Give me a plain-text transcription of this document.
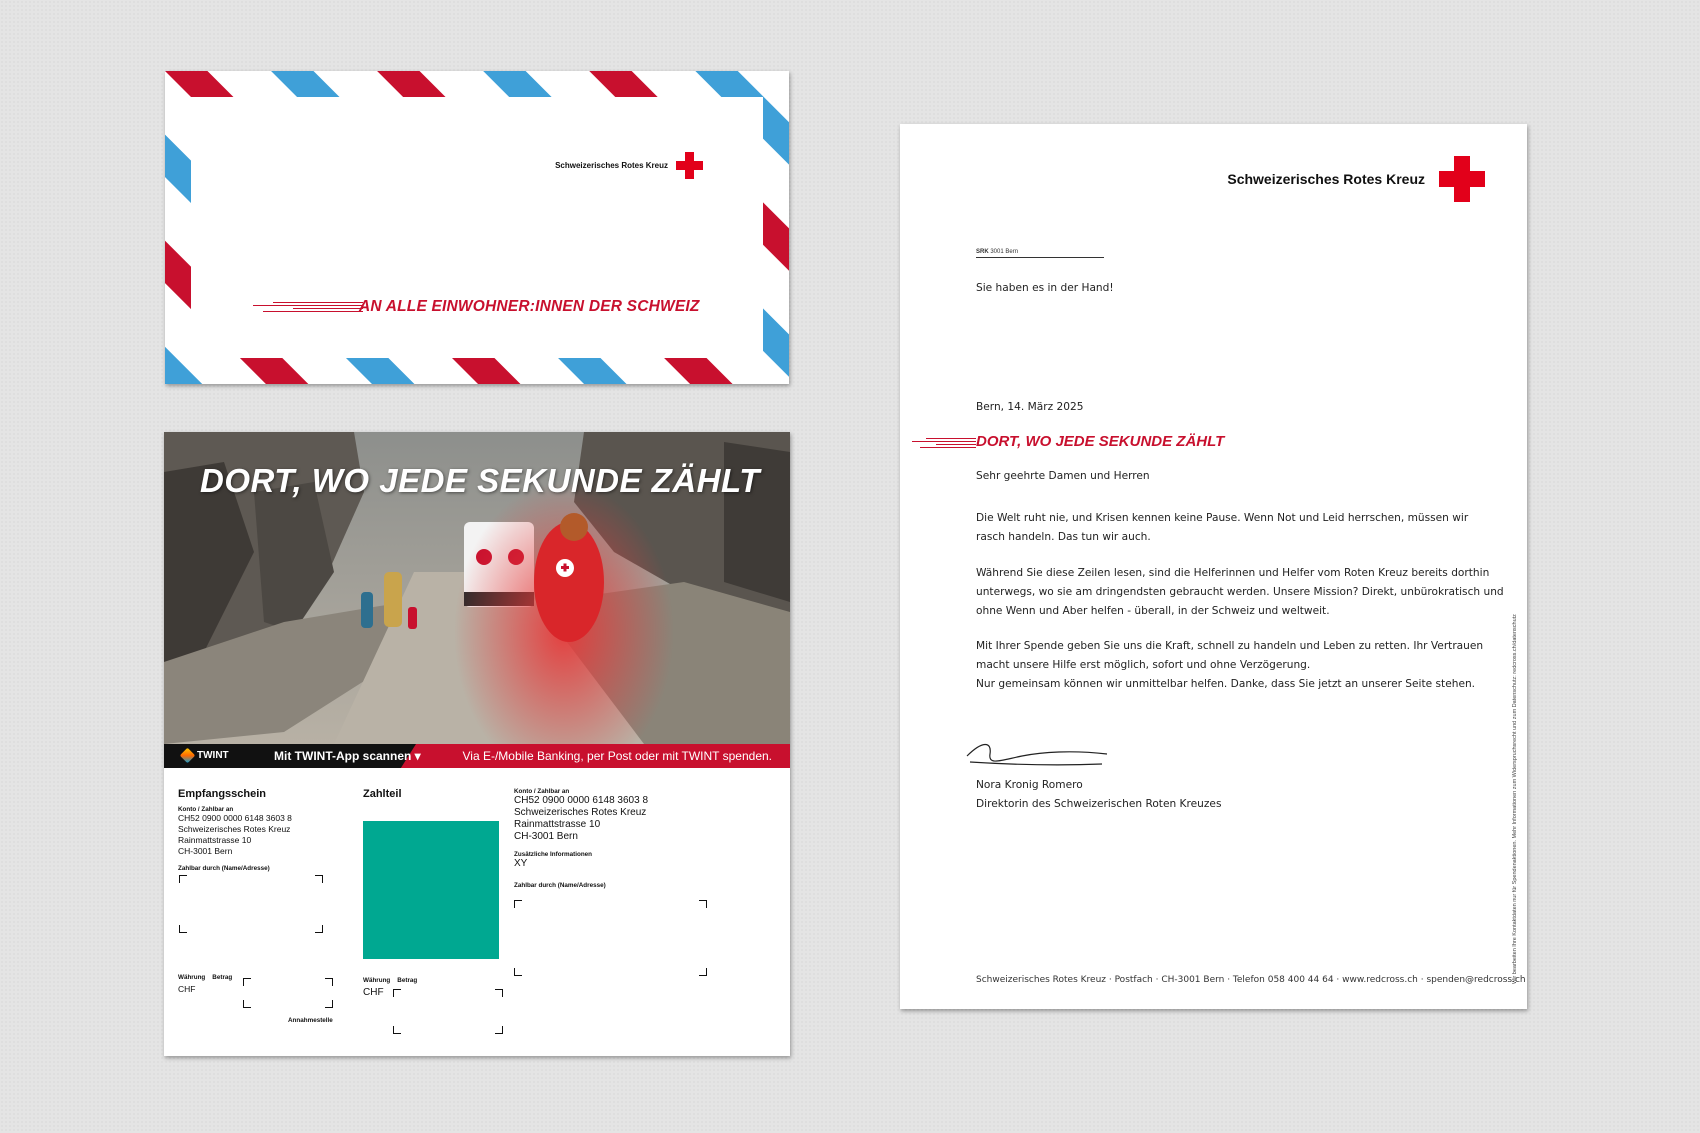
Schweizerisches Rotes Kreuz
AN ALLE EINWOHNER:INNEN DER SCHWEIZ
DORT, WO JEDE SEKUNDE ZÄHLT
TWINT	Mit TWINT-App scannen ▾	Via E-/Mobile Banking, per Post oder mit TWINT spenden.
Empfangsschein
Konto / Zahlbar an
CH52 0900 0000 6148 3603 8
Schweizerisches Rotes Kreuz
Rainmattstrasse 10
CH-3001 Bern
Zahlbar durch (Name/Adresse)
Währung Betrag
CHF
Annahmestelle
Zahlteil
Währung Betrag
CHF
Konto / Zahlbar an
CH52 0900 0000 6148 3603 8
Schweizerisches Rotes Kreuz
Rainmattstrasse 10
CH-3001 Bern
Zusätzliche Informationen
XY
Zahlbar durch (Name/Adresse)
Schweizerisches Rotes Kreuz
SRK 3001 Bern
Sie haben es in der Hand!
Bern, 14. März 2025
DORT, WO JEDE SEKUNDE ZÄHLT
Sehr geehrte Damen und Herren
Die Welt ruht nie, und Krisen kennen keine Pause. Wenn Not und Leid herrschen, müssen wir
rasch handeln. Das tun wir auch.
Während Sie diese Zeilen lesen, sind die Helferinnen und Helfer vom Roten Kreuz bereits dorthin
unterwegs, wo sie am dringendsten gebraucht werden. Unsere Mission? Direkt, unbürokratisch und
ohne Wenn und Aber helfen - überall, in der Schweiz und weltweit.
Mit Ihrer Spende geben Sie uns die Kraft, schnell zu handeln und Leben zu retten. Ihr Vertrauen
macht unsere Hilfe erst möglich, sofort und ohne Verzögerung.
Nur gemeinsam können wir unmittelbar helfen. Danke, dass Sie jetzt an unserer Seite stehen.
Nora Kronig Romero
Direktorin des Schweizerischen Roten Kreuzes
Schweizerisches Rotes Kreuz · Postfach · CH-3001 Bern · Telefon 058 400 44 64 · www.redcross.ch · spenden@redcross.ch
Wir bearbeiten Ihre Kontaktdaten nur für Spendenaktionen. Mehr Informationen zum Widerspruchsrecht und zum Datenschutz: redcross.ch/datenschutz
